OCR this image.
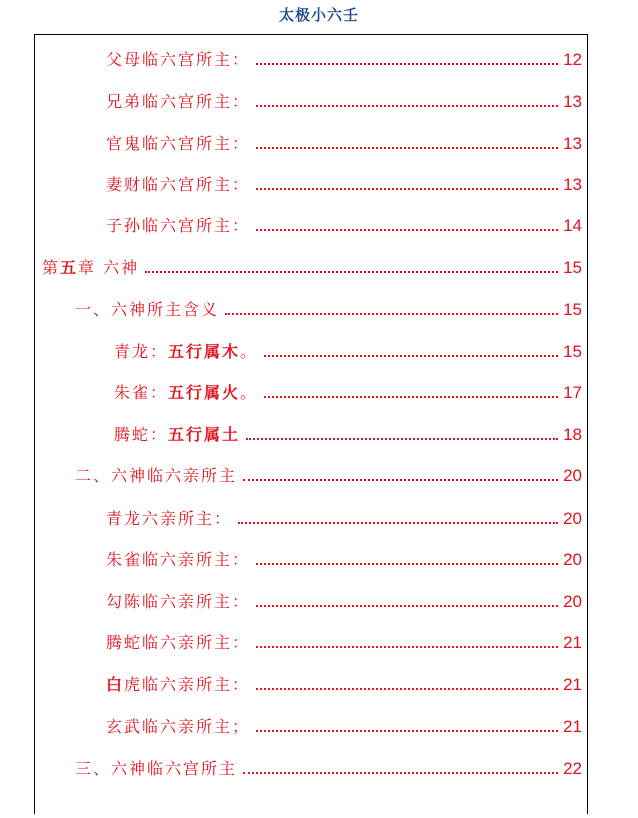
太极小六壬
父母临六宫所主：	12
兄弟临六宫所主：	13
官鬼临六宫所主：	13
妻财临六宫所主：	13
子孙临六宫所主：	14
第五章 六神	15
一、六神所主含义	15
青龙：五行属木。	15
朱雀：五行属火。	17
腾蛇：五行属土	18
二、六神临六亲所主	20
青龙六亲所主：	20
朱雀临六亲所主：	20
勾陈临六亲所主：	20
腾蛇临六亲所主：	21
白虎临六亲所主：	21
玄武临六亲所主；	21
三、六神临六宫所主	22
